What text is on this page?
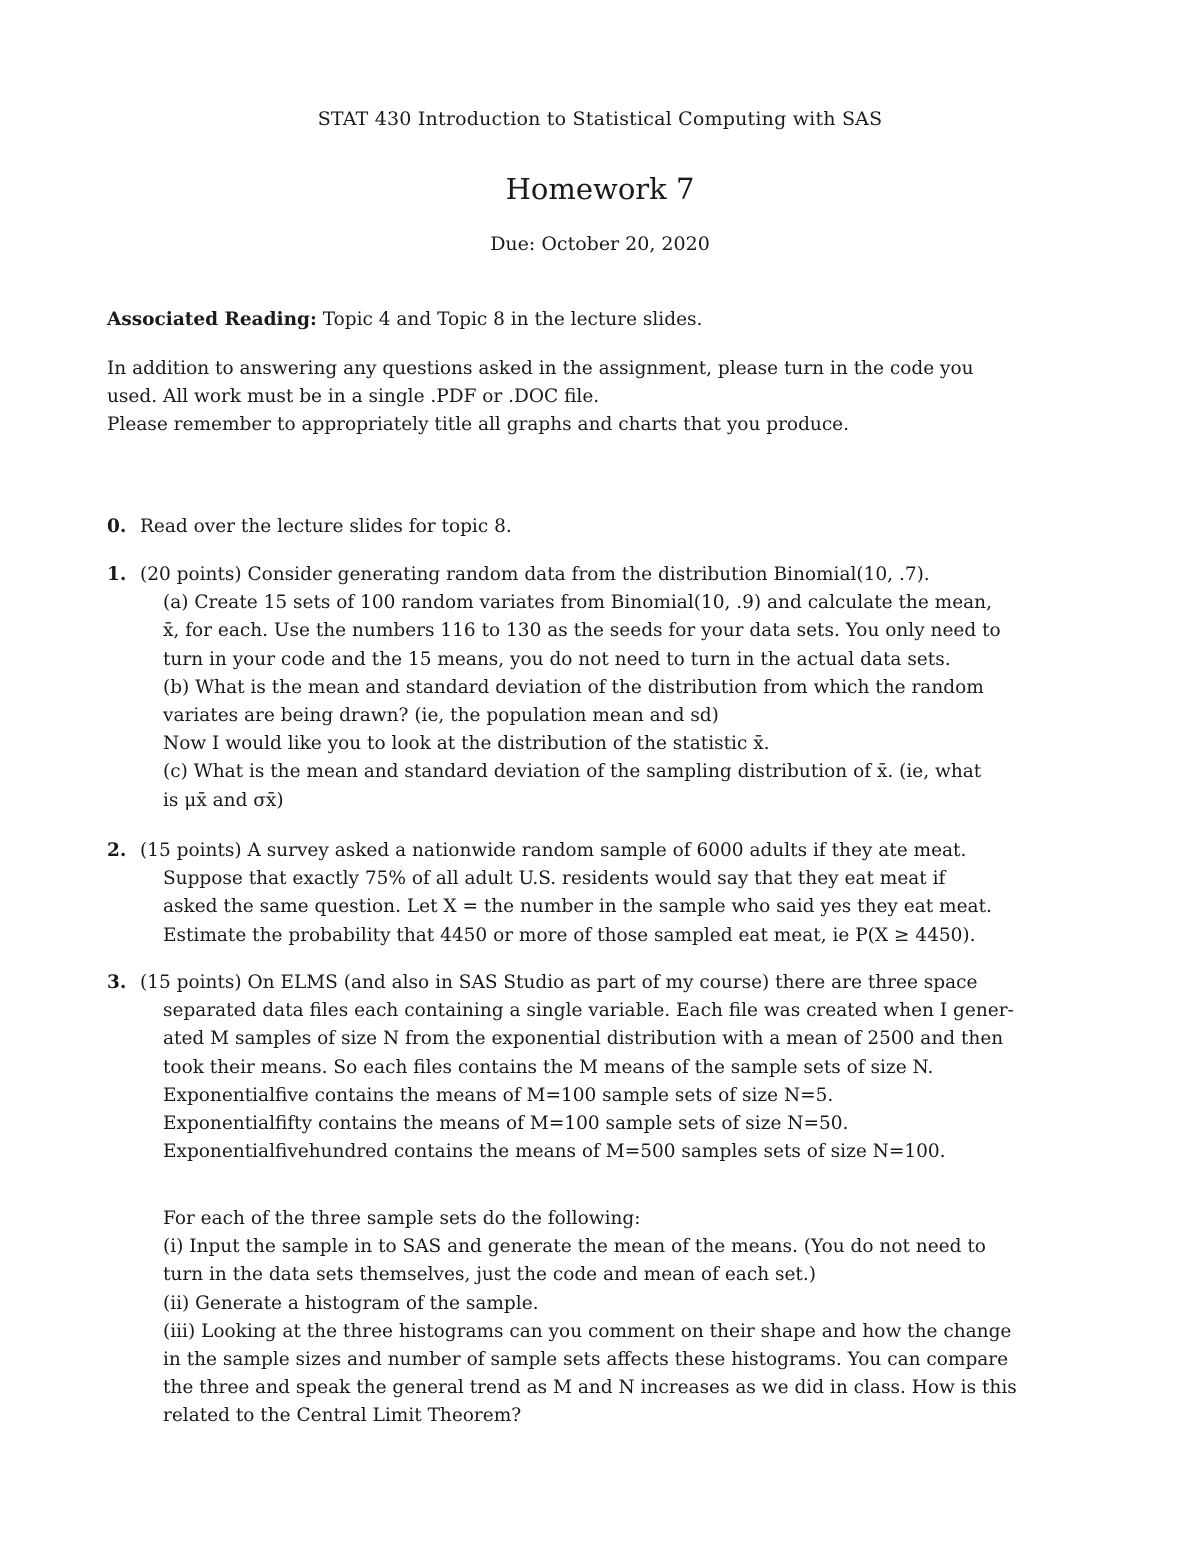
STAT 430 Introduction to Statistical Computing with SAS
Homework 7
Due: October 20, 2020
Associated Reading: Topic 4 and Topic 8 in the lecture slides.
In addition to answering any questions asked in the assignment, please turn in the code you
used. All work must be in a single .PDF or .DOC file.
Please remember to appropriately title all graphs and charts that you produce.
0. Read over the lecture slides for topic 8.
1. (20 points) Consider generating random data from the distribution Binomial(10, .7).
(a) Create 15 sets of 100 random variates from Binomial(10, .9) and calculate the mean,
x̄, for each. Use the numbers 116 to 130 as the seeds for your data sets. You only need to
turn in your code and the 15 means, you do not need to turn in the actual data sets.
(b) What is the mean and standard deviation of the distribution from which the random
variates are being drawn? (ie, the population mean and sd)
Now I would like you to look at the distribution of the statistic x̄.
(c) What is the mean and standard deviation of the sampling distribution of x̄. (ie, what
is μx̄ and σx̄)
2. (15 points) A survey asked a nationwide random sample of 6000 adults if they ate meat.
Suppose that exactly 75% of all adult U.S. residents would say that they eat meat if
asked the same question. Let X = the number in the sample who said yes they eat meat.
Estimate the probability that 4450 or more of those sampled eat meat, ie P(X ≥ 4450).
3. (15 points) On ELMS (and also in SAS Studio as part of my course) there are three space
separated data files each containing a single variable. Each file was created when I gener-
ated M samples of size N from the exponential distribution with a mean of 2500 and then
took their means. So each files contains the M means of the sample sets of size N.
Exponentialfive contains the means of M=100 sample sets of size N=5.
Exponentialfifty contains the means of M=100 sample sets of size N=50.
Exponentialfivehundred contains the means of M=500 samples sets of size N=100.
For each of the three sample sets do the following:
(i) Input the sample in to SAS and generate the mean of the means. (You do not need to
turn in the data sets themselves, just the code and mean of each set.)
(ii) Generate a histogram of the sample.
(iii) Looking at the three histograms can you comment on their shape and how the change
in the sample sizes and number of sample sets affects these histograms. You can compare
the three and speak the general trend as M and N increases as we did in class. How is this
related to the Central Limit Theorem?
